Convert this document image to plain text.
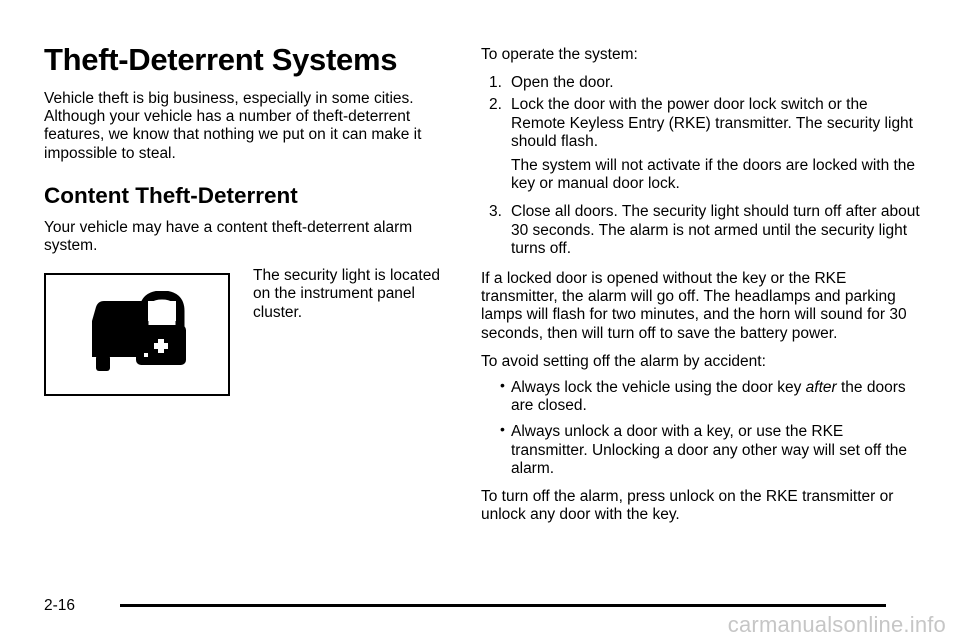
Theft-Deterrent Systems

Vehicle theft is big business, especially in some cities. Although your vehicle has a number of theft-deterrent features, we know that nothing we put on it can make it impossible to steal.

Content Theft-Deterrent

Your vehicle may have a content theft-deterrent alarm system.

The security light is located on the instrument panel cluster.

To operate the system:

1. Open the door.

2. Lock the door with the power door lock switch or the Remote Keyless Entry (RKE) transmitter. The security light should flash.

The system will not activate if the doors are locked with the key or manual door lock.

3. Close all doors. The security light should turn off after about 30 seconds. The alarm is not armed until the security light turns off.

If a locked door is opened without the key or the RKE transmitter, the alarm will go off. The headlamps and parking lamps will flash for two minutes, and the horn will sound for 30 seconds, then will turn off to save the battery power.

To avoid setting off the alarm by accident:

• Always lock the vehicle using the door key after the doors are closed.

• Always unlock a door with a key, or use the RKE transmitter. Unlocking a door any other way will set off the alarm.

To turn off the alarm, press unlock on the RKE transmitter or unlock any door with the key.

2-16
carmanualsonline.info
